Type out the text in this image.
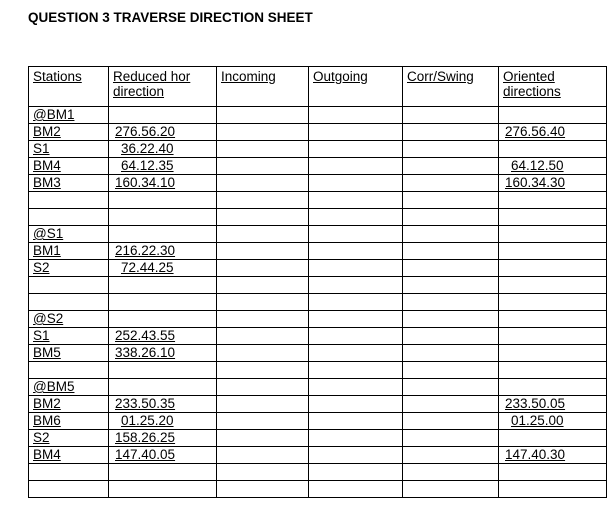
QUESTION 3 TRAVERSE DIRECTION SHEET
Stations	Reduced hor direction	Incoming	Outgoing	Corr/Swing	Oriented directions
@BM1					
BM2	276.56.20				276.56.40
S1	36.22.40				
BM4	64.12.35				64.12.50
BM3	160.34.10				160.34.30

@S1					
BM1	216.22.30				
S2	72.44.25				

@S2					
S1	252.43.55				
BM5	338.26.10				

@BM5					
BM2	233.50.35				233.50.05
BM6	01.25.20				01.25.00
S2	158.26.25				
BM4	147.40.05				147.40.30
